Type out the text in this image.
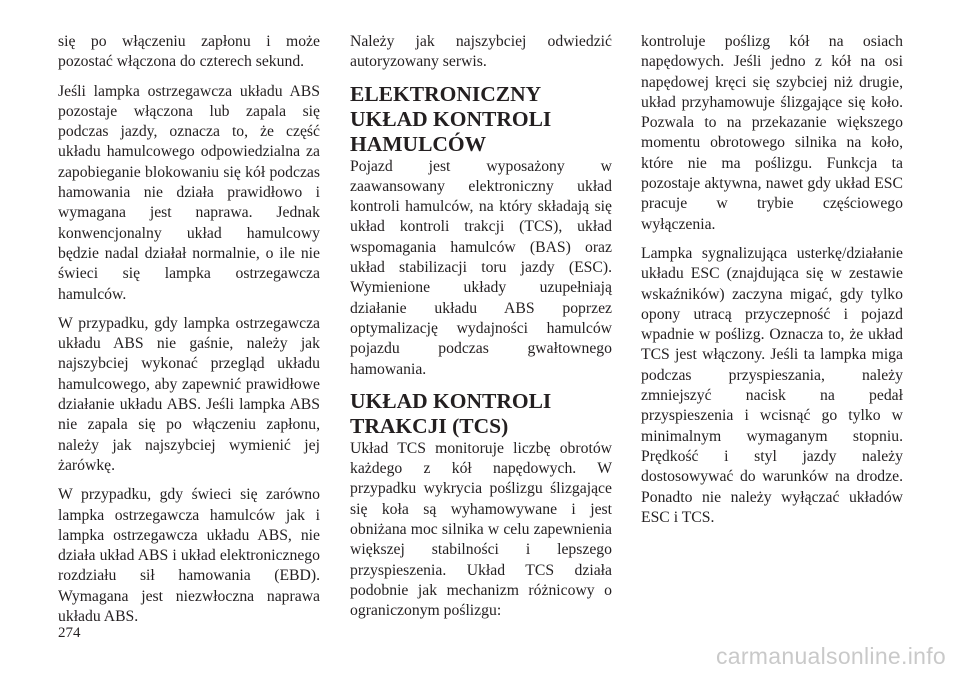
się po włączeniu zapłonu i może pozostać włączona do czterech sekund.

Jeśli lampka ostrzegawcza układu ABS pozostaje włączona lub zapala się podczas jazdy, oznacza to, że część układu hamulcowego odpowiedzialna za zapobieganie blokowaniu się kół podczas hamowania nie działa prawidłowo i wymagana jest naprawa. Jednak konwencjonalny układ hamulcowy będzie nadal działał normalnie, o ile nie świeci się lampka ostrzegawcza hamulców.

W przypadku, gdy lampka ostrzegawcza układu ABS nie gaśnie, należy jak najszybciej wykonać przegląd układu hamulcowego, aby zapewnić prawidłowe działanie układu ABS. Jeśli lampka ABS nie zapala się po włączeniu zapłonu, należy jak najszybciej wymienić jej żarówkę.

W przypadku, gdy świeci się zarówno lampka ostrzegawcza hamulców jak i lampka ostrzegawcza układu ABS, nie działa układ ABS i układ elektronicznego rozdziału sił hamowania (EBD). Wymagana jest niezwłoczna naprawa układu ABS.

Należy jak najszybciej odwiedzić autoryzowany serwis.

ELEKTRONICZNY UKŁAD KONTROLI HAMULCÓW

Pojazd jest wyposażony w zaawansowany elektroniczny układ kontroli hamulców, na który składają się układ kontroli trakcji (TCS), układ wspomagania hamulców (BAS) oraz układ stabilizacji toru jazdy (ESC). Wymienione układy uzupełniają działanie układu ABS poprzez optymalizację wydajności hamulców pojazdu podczas gwałtownego hamowania.

UKŁAD KONTROLI TRAKCJI (TCS)

Układ TCS monitoruje liczbę obrotów każdego z kół napędowych. W przypadku wykrycia poślizgu ślizgające się koła są wyhamowywane i jest obniżana moc silnika w celu zapewnienia większej stabilności i lepszego przyspieszenia. Układ TCS działa podobnie jak mechanizm różnicowy o ograniczonym poślizgu:

kontroluje poślizg kół na osiach napędowych. Jeśli jedno z kół na osi napędowej kręci się szybciej niż drugie, układ przyhamowuje ślizgające się koło. Pozwala to na przekazanie większego momentu obrotowego silnika na koło, które nie ma poślizgu. Funkcja ta pozostaje aktywna, nawet gdy układ ESC pracuje w trybie częściowego wyłączenia.

Lampka sygnalizująca usterkę/działanie układu ESC (znajdująca się w zestawie wskaźników) zaczyna migać, gdy tylko opony utracą przyczepność i pojazd wpadnie w poślizg. Oznacza to, że układ TCS jest włączony. Jeśli ta lampka miga podczas przyspieszania, należy zmniejszyć nacisk na pedał przyspieszenia i wcisnąć go tylko w minimalnym wymaganym stopniu. Prędkość i styl jazdy należy dostosowywać do warunków na drodze. Ponadto nie należy wyłączać układów ESC i TCS.

274
carmanualsonline.info
